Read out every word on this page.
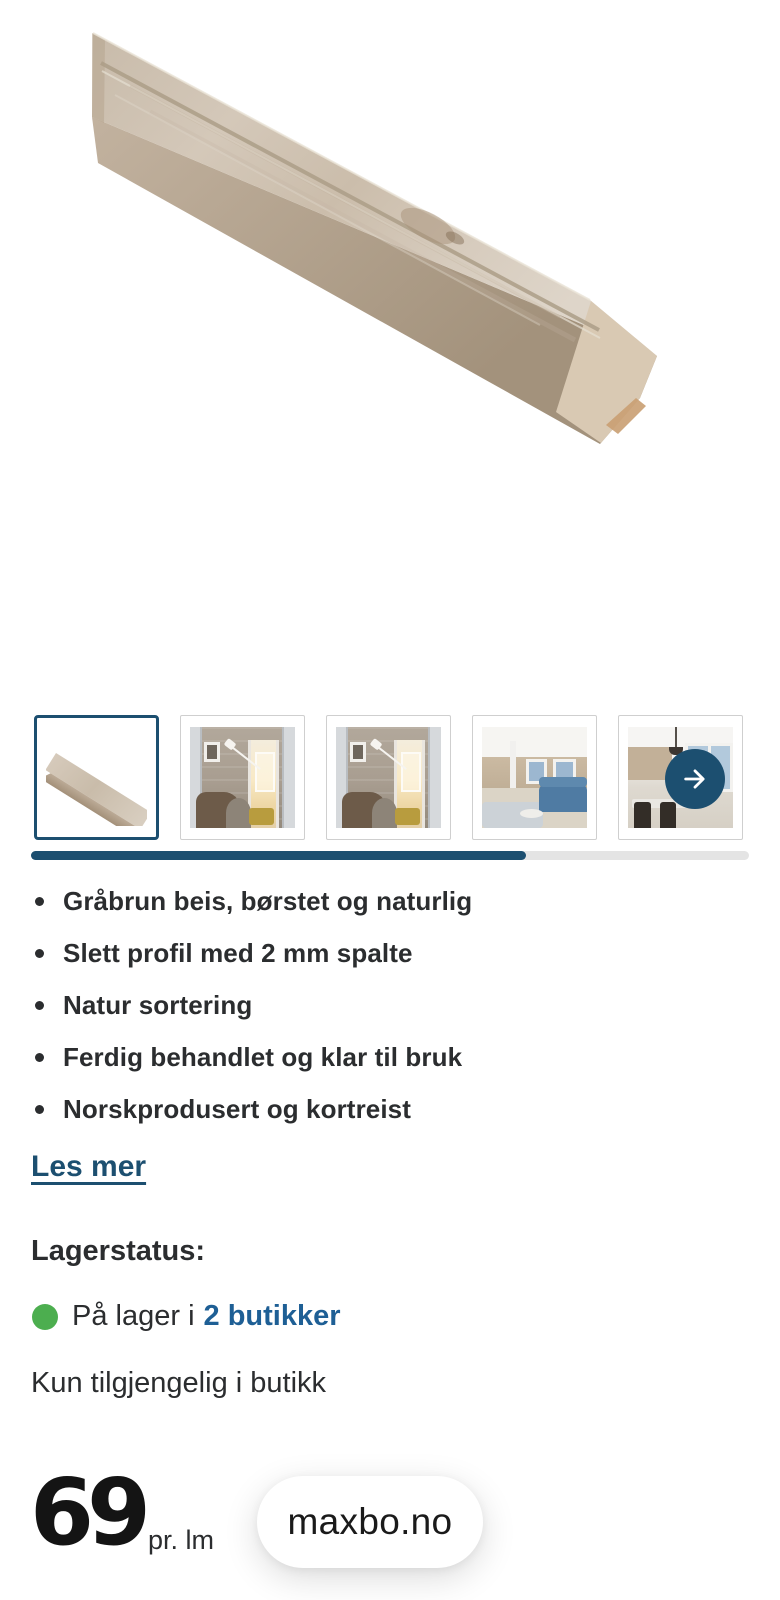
Gråbrun beis, børstet og naturlig
Slett profil med 2 mm spalte
Natur sortering
Ferdig behandlet og klar til bruk
Norskprodusert og kortreist
Les mer
Lagerstatus:
På lager i 2 butikker
Kun tilgjengelig i butikk
69 pr. lm	maxbo.no
